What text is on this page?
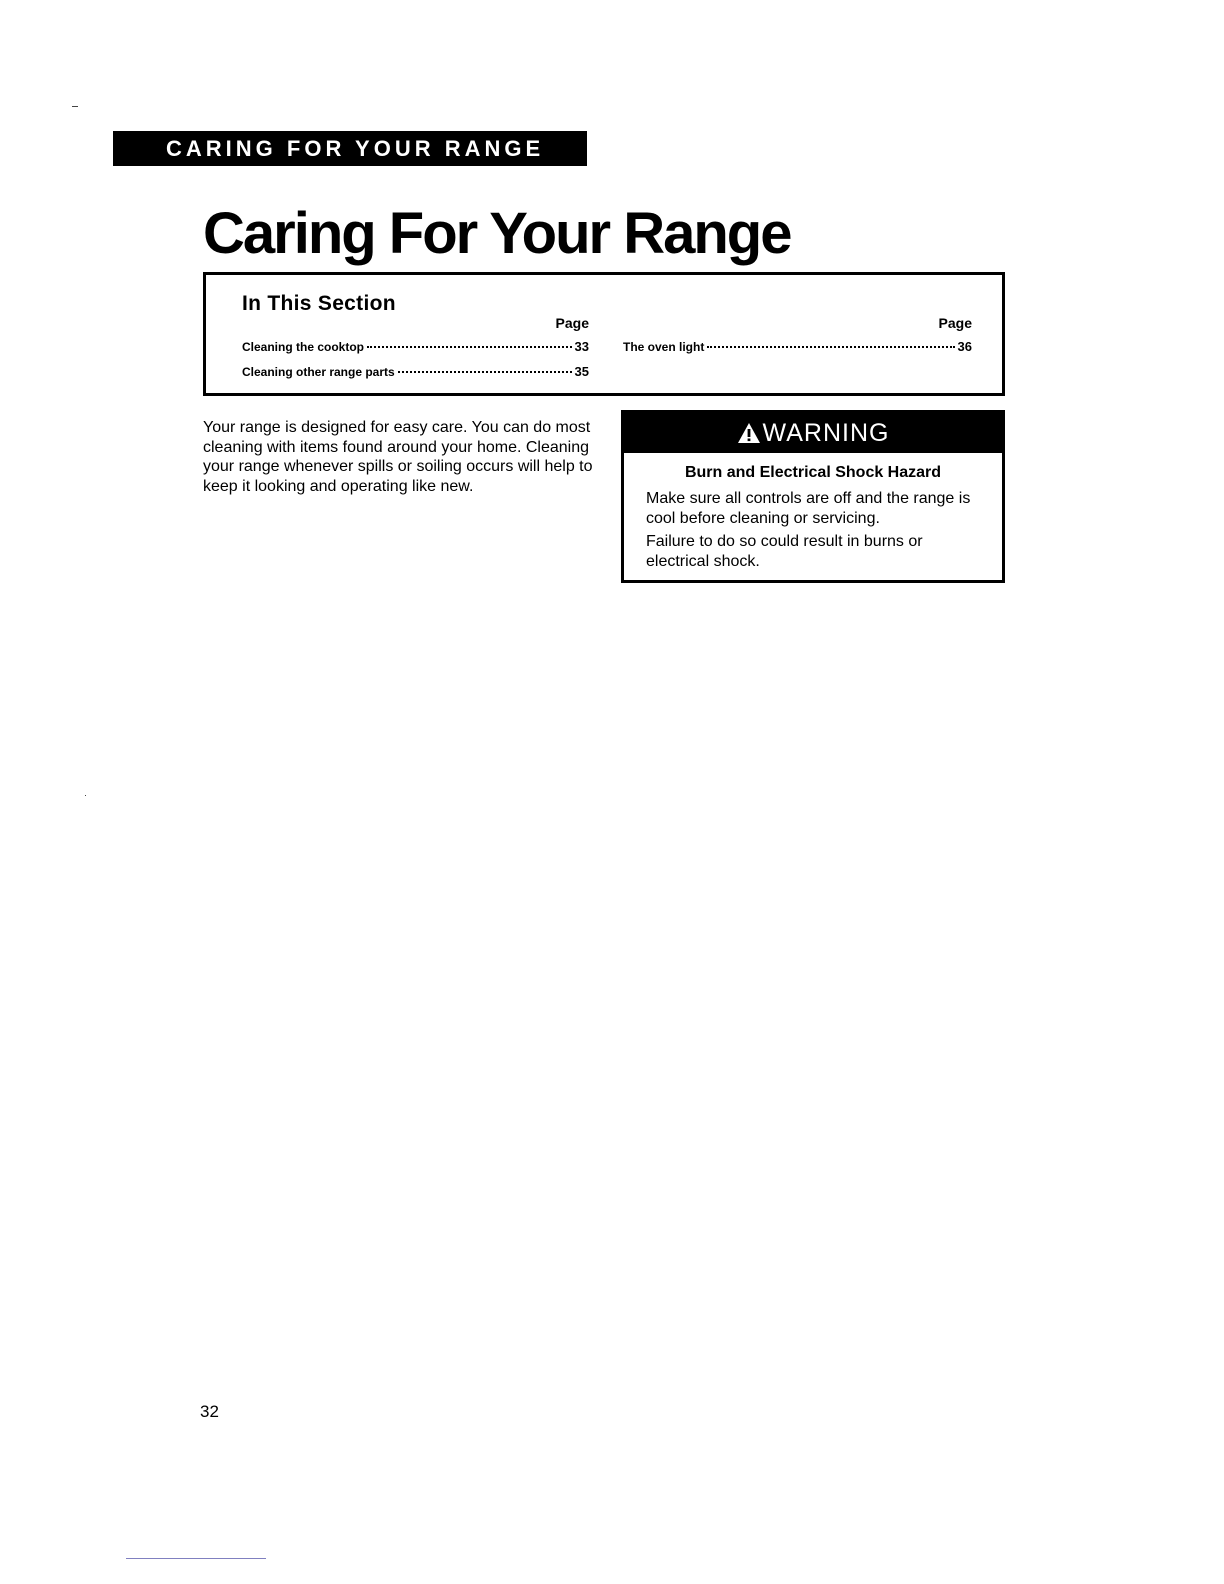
CARING FOR YOUR RANGE
Caring For Your Range
In This Section
Page
Cleaning the cooktop	33
Cleaning other range parts	35
Page
The oven light	36

Your range is designed for easy care. You can do most cleaning with items found around your home. Cleaning your range whenever spills or soiling occurs will help to keep it looking and operating like new.

WARNING
Burn and Electrical Shock Hazard

Make sure all controls are off and the range is cool before cleaning or servicing.

Failure to do so could result in burns or electrical shock.

32
